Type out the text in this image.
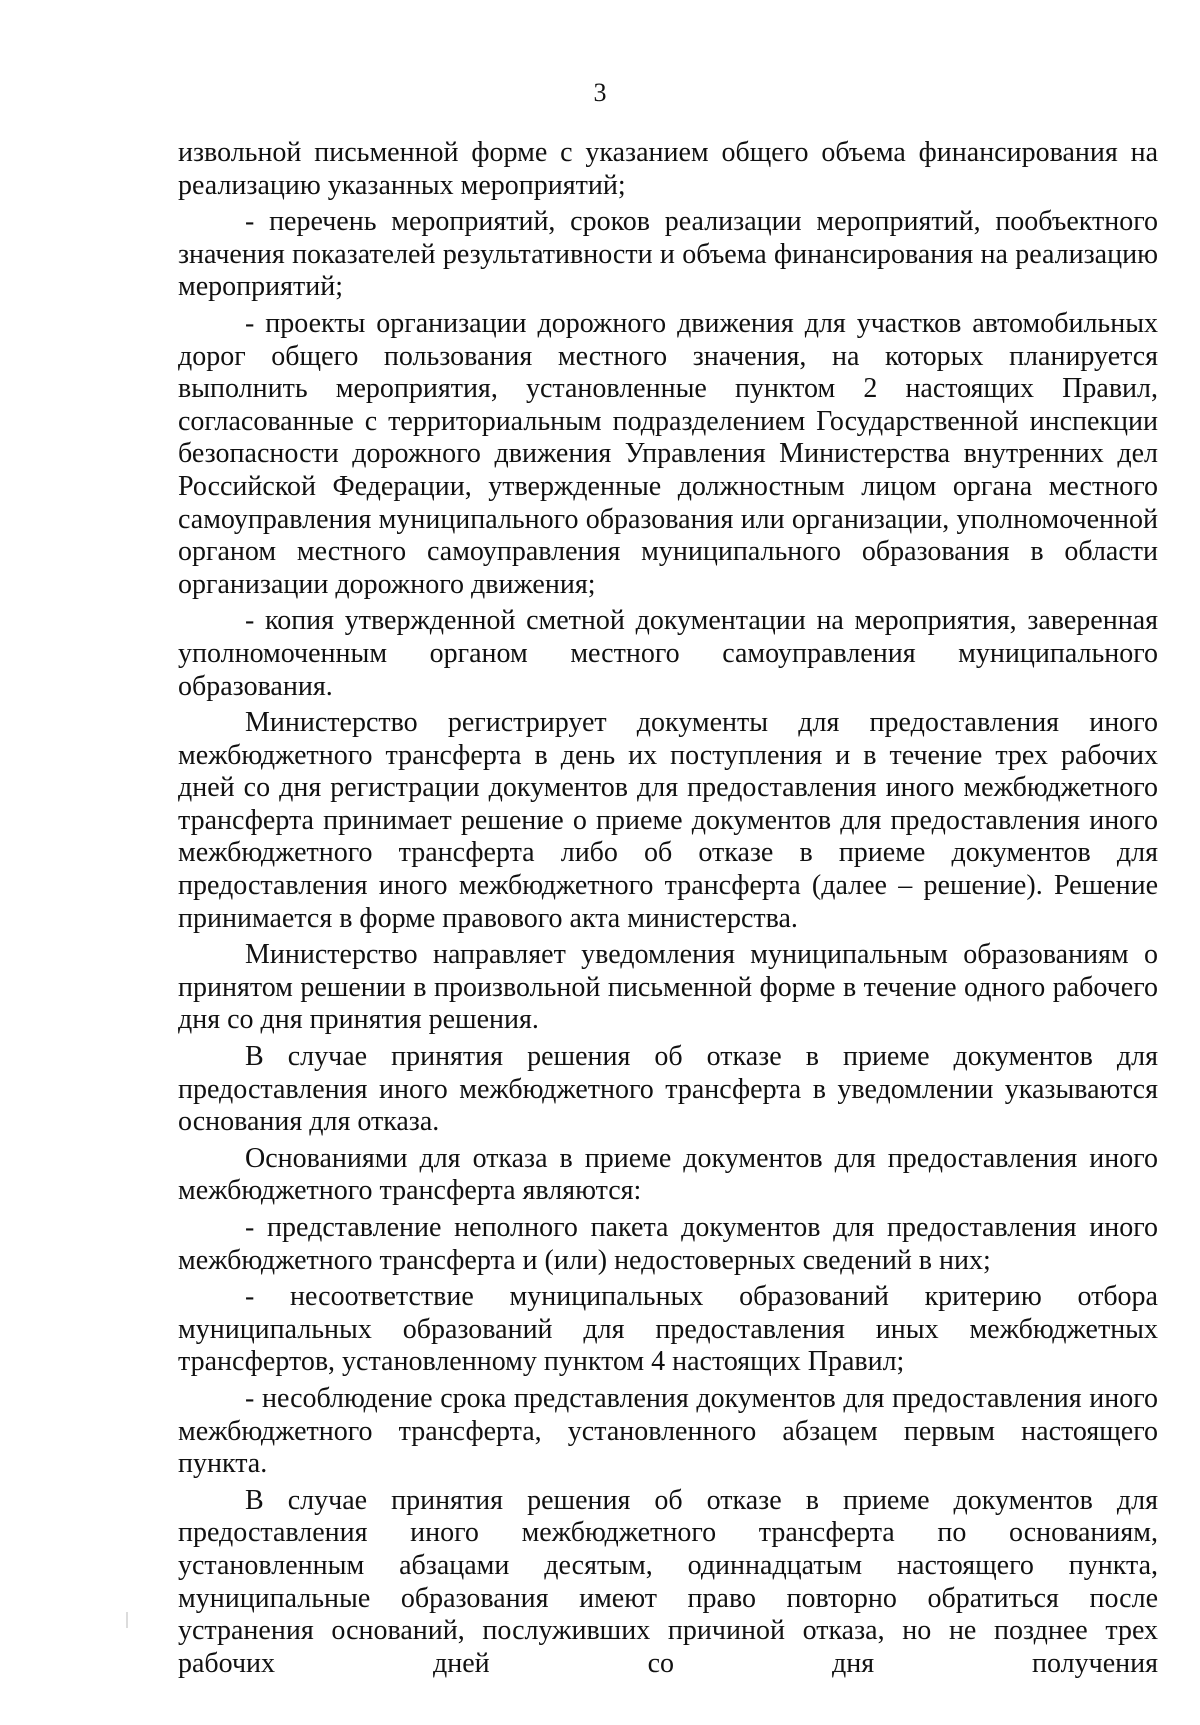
3

извольной письменной форме с указанием общего объема финансирования на реализацию указанных мероприятий;

- перечень мероприятий, сроков реализации мероприятий, пообъектного значения показателей результативности и объема финансирования на реализацию мероприятий;

- проекты организации дорожного движения для участков автомобильных дорог общего пользования местного значения, на которых планируется выполнить мероприятия, установленные пунктом 2 настоящих Правил, согласованные с территориальным подразделением Государственной инспекции безопасности дорожного движения Управления Министерства внутренних дел Российской Федерации, утвержденные должностным лицом органа местного самоуправления муниципального образования или организации, уполномоченной органом местного самоуправления муниципального образования в области организации дорожного движения;

- копия утвержденной сметной документации на мероприятия, заверенная уполномоченным органом местного самоуправления муниципального образования.

Министерство регистрирует документы для предоставления иного межбюджетного трансферта в день их поступления и в течение трех рабочих дней со дня регистрации документов для предоставления иного межбюджетного трансферта принимает решение о приеме документов для предоставления иного межбюджетного трансферта либо об отказе в приеме документов для предоставления иного межбюджетного трансферта (далее – решение). Решение принимается в форме правового акта министерства.

Министерство направляет уведомления муниципальным образованиям о принятом решении в произвольной письменной форме в течение одного рабочего дня со дня принятия решения.

В случае принятия решения об отказе в приеме документов для предоставления иного межбюджетного трансферта в уведомлении указываются основания для отказа.

Основаниями для отказа в приеме документов для предоставления иного межбюджетного трансферта являются:

- представление неполного пакета документов для предоставления иного межбюджетного трансферта и (или) недостоверных сведений в них;

- несоответствие муниципальных образований критерию отбора муниципальных образований для предоставления иных межбюджетных трансфертов, установленному пунктом 4 настоящих Правил;

- несоблюдение срока представления документов для предоставления иного межбюджетного трансферта, установленного абзацем первым настоящего пункта.

В случае принятия решения об отказе в приеме документов для предоставления иного межбюджетного трансферта по основаниям, установленным абзацами десятым, одиннадцатым настоящего пункта, муниципальные образования имеют право повторно обратиться после устранения оснований, послуживших причиной отказа, но не позднее трех рабочих дней со дня получения
